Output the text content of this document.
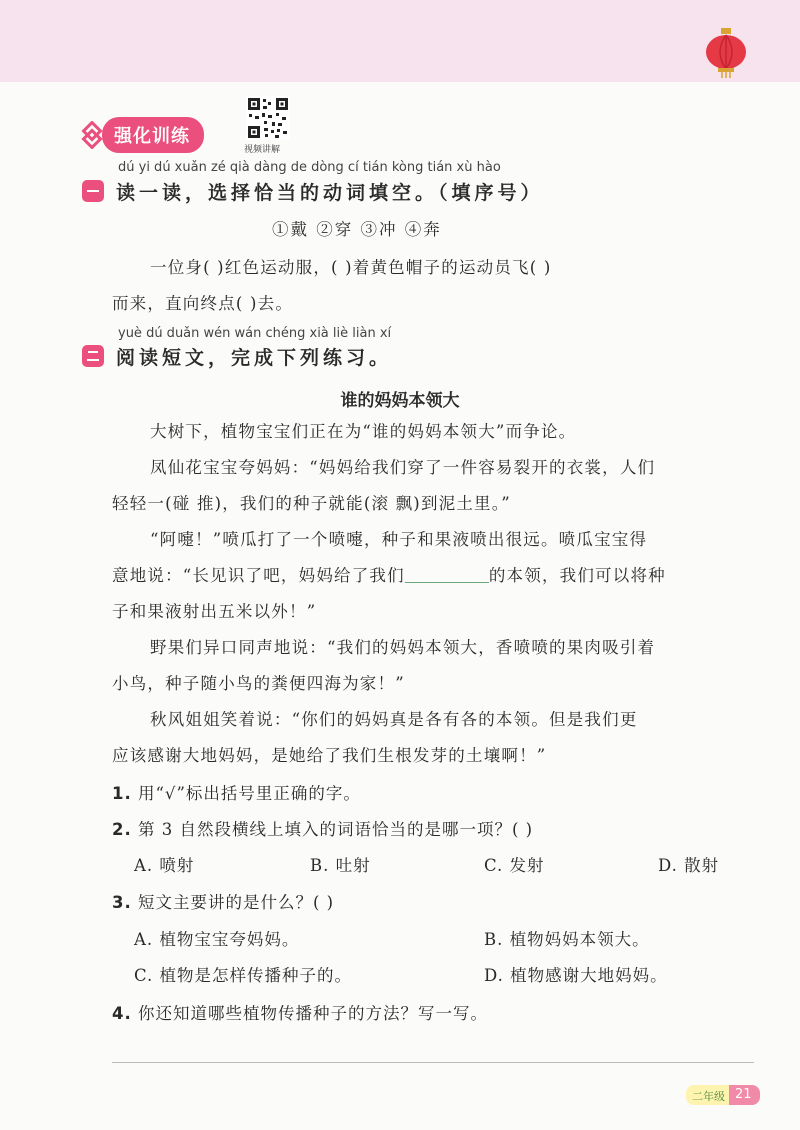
强化训练
视频讲解
dú yi dú xuǎn zé qià dàng de dòng cí tián kòng tián xù hào
读一读，选择恰当的动词填空。（填序号）
①戴 ②穿 ③冲 ④奔
一位身( )红色运动服，( )着黄色帽子的运动员飞( )
而来，直向终点( )去。
yuè dú duǎn wén wán chéng xià liè liàn xí
阅读短文，完成下列练习。
谁的妈妈本领大
大树下，植物宝宝们正在为“谁的妈妈本领大”而争论。
凤仙花宝宝夸妈妈：“妈妈给我们穿了一件容易裂开的衣裳，人们
轻轻一(碰 推)，我们的种子就能(滚 飘)到泥土里。”
“阿嚏！”喷瓜打了一个喷嚏，种子和果液喷出很远。喷瓜宝宝得
意地说：“长见识了吧，妈妈给了我们	的本领，我们可以将种
子和果液射出五米以外！”
野果们异口同声地说：“我们的妈妈本领大，香喷喷的果肉吸引着
小鸟，种子随小鸟的粪便四海为家！”
秋风姐姐笑着说：“你们的妈妈真是各有各的本领。但是我们更
应该感谢大地妈妈，是她给了我们生根发芽的土壤啊！”
1. 用“√”标出括号里正确的字。
2. 第 3 自然段横线上填入的词语恰当的是哪一项？( )
A. 喷射	B. 吐射	C. 发射	D. 散射
3. 短文主要讲的是什么？( )
A. 植物宝宝夸妈妈。	B. 植物妈妈本领大。
C. 植物是怎样传播种子的。	D. 植物感谢大地妈妈。
4. 你还知道哪些植物传播种子的方法？写一写。
二年级 21
